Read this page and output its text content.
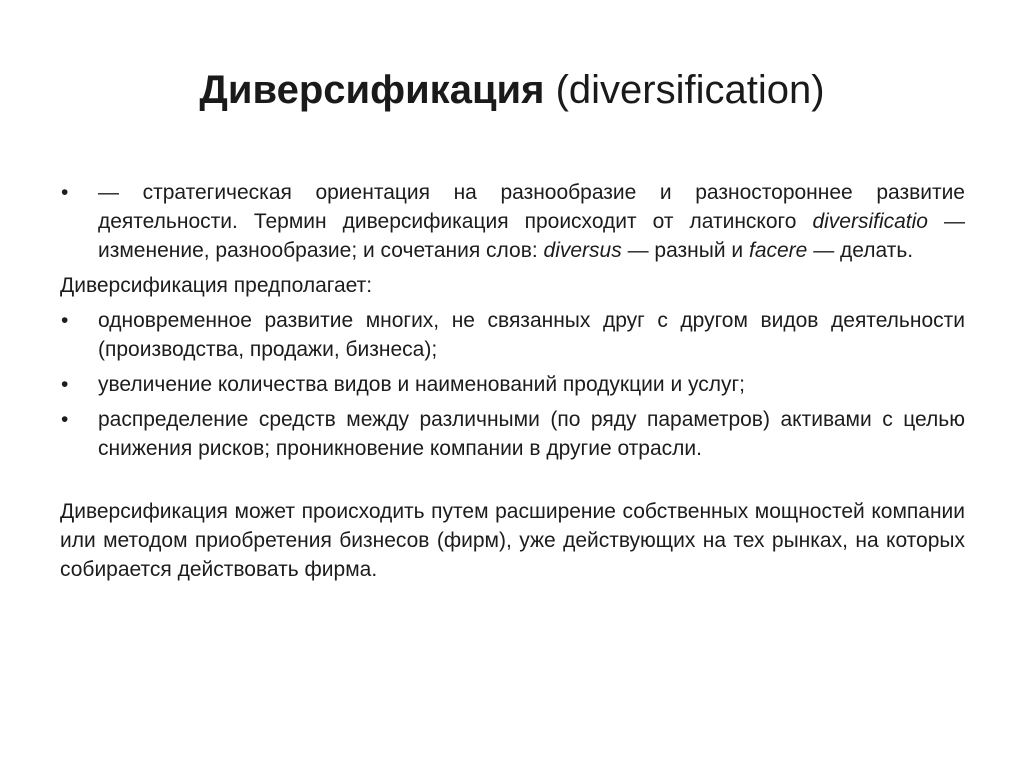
Диверсификация (diversification)
• — стратегическая ориентация на разнообразие и разностороннее развитие деятельности. Термин диверсификация происходит от латинского diversificatio — изменение, разнообразие; и сочетания слов: diversus — разный и facere — делать.
Диверсификация предполагает:
• одновременное развитие многих, не связанных друг с другом видов деятельности (производства, продажи, бизнеса);
• увеличение количества видов и наименований продукции и услуг;
• распределение средств между различными (по ряду параметров) активами с целью снижения рисков; проникновение компании в другие отрасли.
Диверсификация может происходить путем расширение собственных мощностей компании или методом приобретения бизнесов (фирм), уже действующих на тех рынках, на которых собирается действовать фирма.
